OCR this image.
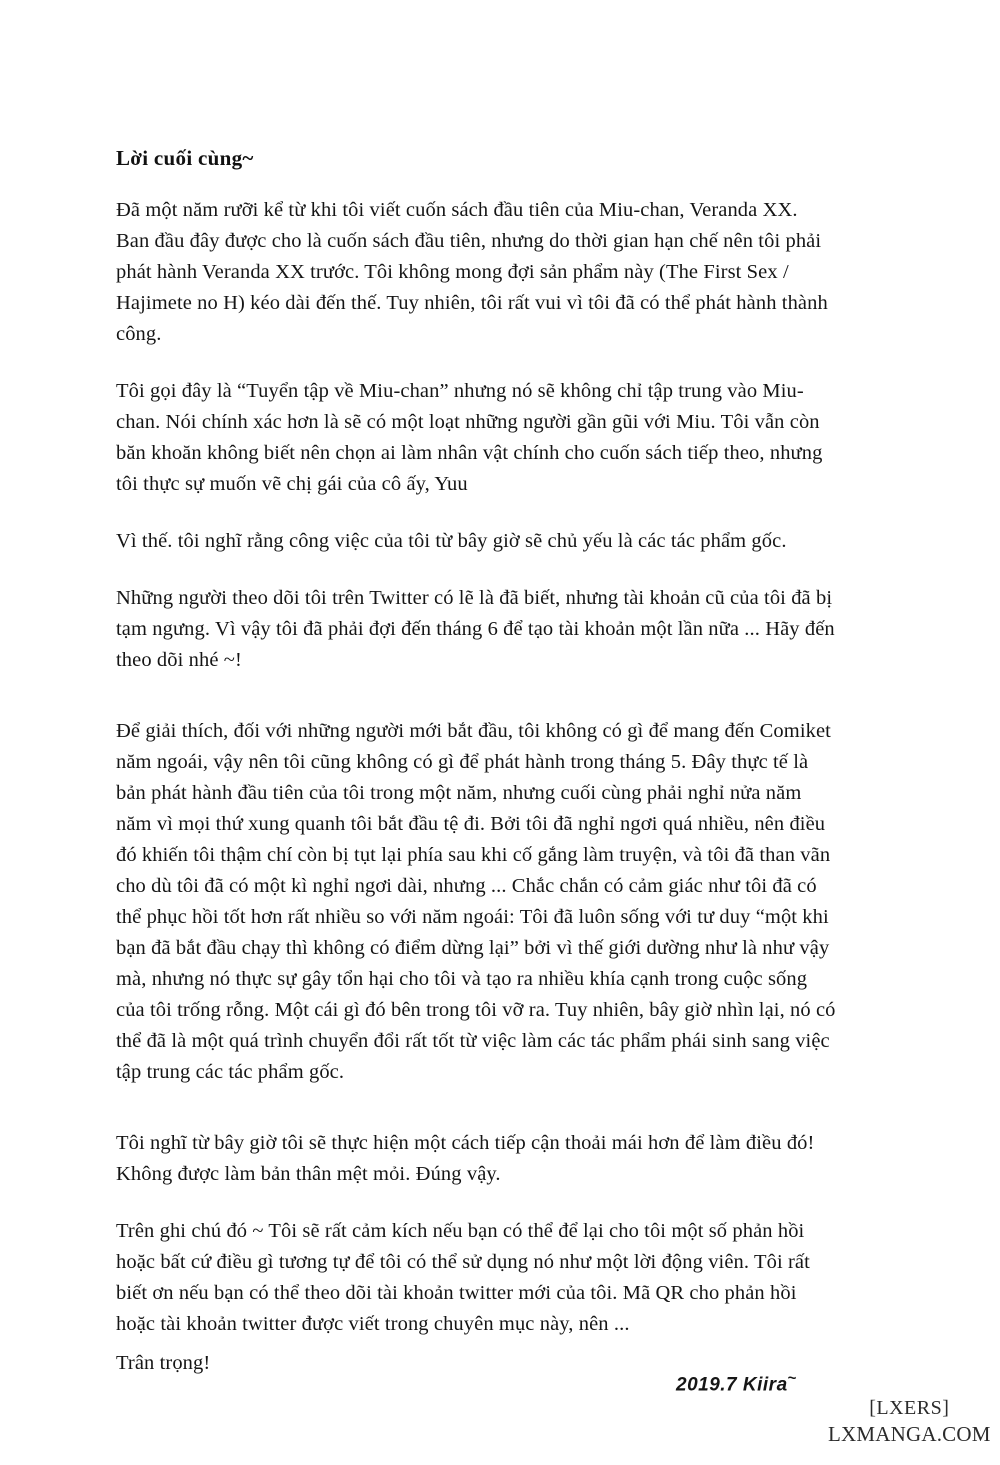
Lời cuối cùng~

Đã một năm rưỡi kể từ khi tôi viết cuốn sách đầu tiên của Miu-chan, Veranda XX. Ban đầu đây được cho là cuốn sách đầu tiên, nhưng do thời gian hạn chế nên tôi phải phát hành Veranda XX trước. Tôi không mong đợi sản phẩm này (The First Sex / Hajimete no H) kéo dài đến thế. Tuy nhiên, tôi rất vui vì tôi đã có thể phát hành thành công.

Tôi gọi đây là “Tuyển tập về Miu-chan” nhưng nó sẽ không chỉ tập trung vào Miu-chan. Nói chính xác hơn là sẽ có một loạt những người gần gũi với Miu. Tôi vẫn còn băn khoăn không biết nên chọn ai làm nhân vật chính cho cuốn sách tiếp theo, nhưng tôi thực sự muốn vẽ chị gái của cô ấy, Yuu

Vì thế. tôi nghĩ rằng công việc của tôi từ bây giờ sẽ chủ yếu là các tác phẩm gốc.

Những người theo dõi tôi trên Twitter có lẽ là đã biết, nhưng tài khoản cũ của tôi đã bị tạm ngưng. Vì vậy tôi đã phải đợi đến tháng 6 để tạo tài khoản một lần nữa ... Hãy đến theo dõi nhé ~!

Để giải thích, đối với những người mới bắt đầu, tôi không có gì để mang đến Comiket năm ngoái, vậy nên tôi cũng không có gì để phát hành trong tháng 5. Đây thực tế là bản phát hành đầu tiên của tôi trong một năm, nhưng cuối cùng phải nghỉ nửa năm năm vì mọi thứ xung quanh tôi bắt đầu tệ đi. Bởi tôi đã nghỉ ngơi quá nhiều, nên điều đó khiến tôi thậm chí còn bị tụt lại phía sau khi cố gắng làm truyện, và tôi đã than vãn cho dù tôi đã có một kì nghỉ ngơi dài, nhưng ... Chắc chắn có cảm giác như tôi đã có thể phục hồi tốt hơn rất nhiều so với năm ngoái: Tôi đã luôn sống với tư duy “một khi bạn đã bắt đầu chạy thì không có điểm dừng lại” bởi vì thế giới dường như là như vậy mà, nhưng nó thực sự gây tổn hại cho tôi và tạo ra nhiều khía cạnh trong cuộc sống của tôi trống rỗng. Một cái gì đó bên trong tôi vỡ ra. Tuy nhiên, bây giờ nhìn lại, nó có thể đã là một quá trình chuyển đổi rất tốt từ việc làm các tác phẩm phái sinh sang việc tập trung các tác phẩm gốc.

Tôi nghĩ từ bây giờ tôi sẽ thực hiện một cách tiếp cận thoải mái hơn để làm điều đó! Không được làm bản thân mệt mỏi. Đúng vậy.

Trên ghi chú đó ~ Tôi sẽ rất cảm kích nếu bạn có thể để lại cho tôi một số phản hồi hoặc bất cứ điều gì tương tự để tôi có thể sử dụng nó như một lời động viên. Tôi rất biết ơn nếu bạn có thể theo dõi tài khoản twitter mới của tôi. Mã QR cho phản hồi hoặc tài khoản twitter được viết trong chuyên mục này, nên ...

Trân trọng!

2019.7 Kiira~
[LXERS]
LXMANGA.COM
